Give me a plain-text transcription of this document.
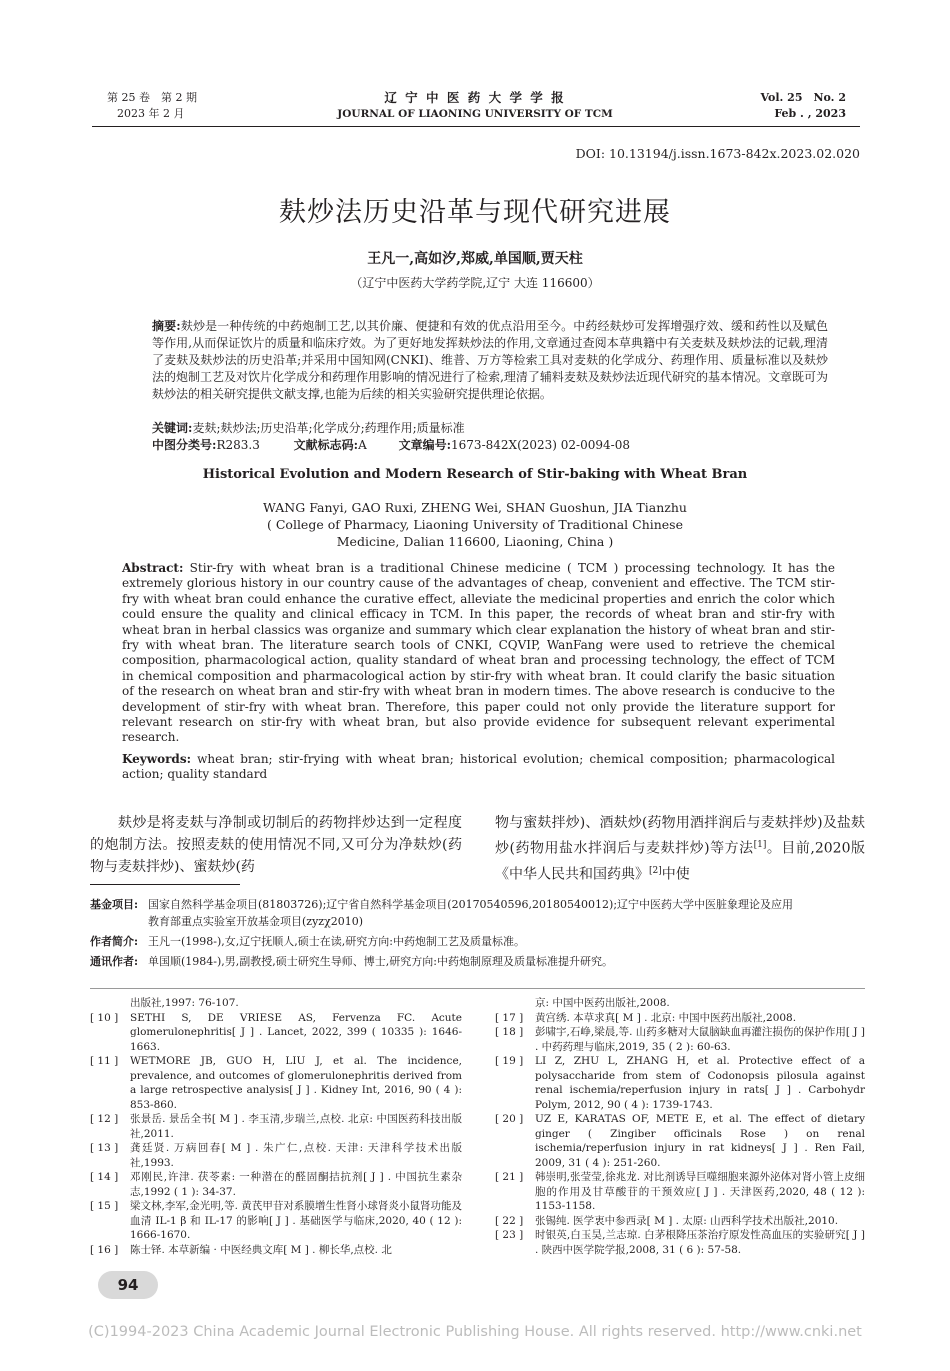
第 25 卷　第 2 期
2023 年 2 月
辽 宁 中 医 药 大 学 学 报
JOURNAL OF LIAONING UNIVERSITY OF TCM
Vol. 25　No. 2
Feb . , 2023
DOI: 10.13194/j.issn.1673-842x.2023.02.020
麸炒法历史沿革与现代研究进展
王凡一,高如汐,郑威,单国顺,贾天柱
（辽宁中医药大学药学院,辽宁 大连 116600）
摘要:麸炒是一种传统的中药炮制工艺,以其价廉、便捷和有效的优点沿用至今。中药经麸炒可发挥增强疗效、缓和药性以及赋色等作用,从而保证饮片的质量和临床疗效。为了更好地发挥麸炒法的作用,文章通过查阅本草典籍中有关麦麸及麸炒法的记载,理清了麦麸及麸炒法的历史沿革;并采用中国知网(CNKI)、维普、万方等检索工具对麦麸的化学成分、药理作用、质量标准以及麸炒法的炮制工艺及对饮片化学成分和药理作用影响的情况进行了检索,理清了辅料麦麸及麸炒法近现代研究的基本情况。文章既可为麸炒法的相关研究提供文献支撑,也能为后续的相关实验研究提供理论依据。
关键词:麦麸;麸炒法;历史沿革;化学成分;药理作用;质量标准
中图分类号:R283.3	文献标志码:A	文章编号:1673-842X(2023) 02-0094-08
Historical Evolution and Modern Research of Stir-baking with Wheat Bran
WANG Fanyi, GAO Ruxi, ZHENG Wei, SHAN Guoshun, JIA Tianzhu
( College of Pharmacy, Liaoning University of Traditional Chinese
Medicine, Dalian 116600, Liaoning, China )
Abstract: Stir-fry with wheat bran is a traditional Chinese medicine ( TCM ) processing technology. It has the extremely glorious history in our country cause of the advantages of cheap, convenient and effective. The TCM stir-fry with wheat bran could enhance the curative effect, alleviate the medicinal properties and enrich the color which could ensure the quality and clinical efficacy in TCM. In this paper, the records of wheat bran and stir-fry with wheat bran in herbal classics was organize and summary which clear explanation the history of wheat bran and stir-fry with wheat bran. The literature search tools of CNKI, CQVIP, WanFang were used to retrieve the chemical composition, pharmacological action, quality standard of wheat bran and processing technology, the effect of TCM in chemical composition and pharmacological action by stir-fry with wheat bran. It could clarify the basic situation of the research on wheat bran and stir-fry with wheat bran in modern times. The above research is conducive to the development of stir-fry with wheat bran. Therefore, this paper could not only provide the literature support for relevant research on stir-fry with wheat bran, but also provide evidence for subsequent relevant experimental research.
Keywords: wheat bran; stir-frying with wheat bran; historical evolution; chemical composition; pharmacological action; quality standard
麸炒是将麦麸与净制或切制后的药物拌炒达到一定程度的炮制方法。按照麦麸的使用情况不同,又可分为净麸炒(药物与麦麸拌炒)、蜜麸炒(药
物与蜜麸拌炒)、酒麸炒(药物用酒拌润后与麦麸拌炒)及盐麸炒(药物用盐水拌润后与麦麸拌炒)等方法[1]。目前,2020版《中华人民共和国药典》[2]中使
基金项目: 国家自然科学基金项目(81803726);辽宁省自然科学基金项目(20170540596,20180540012);辽宁中医药大学中医脏象理论及应用
教育部重点实验室开放基金项目(zyzχ2010)
作者简介: 王凡一(1998-),女,辽宁抚顺人,硕士在读,研究方向:中药炮制工艺及质量标准。
通讯作者: 单国顺(1984-),男,副教授,硕士研究生导师、博士,研究方向:中药炮制原理及质量标准提升研究。
出版社,1997: 76-107.
[ 10 ]	SETHI S, DE VRIESE AS, Fervenza FC. Acute glomerulonephritis[ J ] . Lancet, 2022, 399 ( 10335 ): 1646-1663.
[ 11 ]	WETMORE JB, GUO H, LIU J, et al. The incidence, prevalence, and outcomes of glomerulonephritis derived from a large retrospective analysis[ J ] . Kidney Int, 2016, 90 ( 4 ): 853-860.
[ 12 ]	张景岳. 景岳全书[ M ] . 李玉清,步瑞兰,点校. 北京: 中国医药科技出版社,2011.
[ 13 ]	龚廷贤. 万病回春[ M ] . 朱广仁,点校. 天津: 天津科学技术出版社,1993.
[ 14 ]	邓刚民,许津. 茯苓素: 一种潜在的醛固酮拮抗剂[ J ] . 中国抗生素杂志,1992 ( 1 ): 34-37.
[ 15 ]	梁文林,李军,金光明,等. 黄芪甲苷对系膜增生性肾小球肾炎小鼠肾功能及血清 IL-1 β 和 IL-17 的影响[ J ] . 基础医学与临床,2020, 40 ( 12 ): 1666-1670.
[ 16 ]	陈士铎. 本草新编 · 中医经典文库[ M ] . 柳长华,点校. 北
京: 中国中医药出版社,2008.
[ 17 ]	黄宫绣. 本草求真[ M ] . 北京: 中国中医药出版社,2008.
[ 18 ]	彭啸宇,石峥,梁晨,等. 山药多糖对大鼠脑缺血再灌注损伤的保护作用[ J ] . 中药药理与临床,2019, 35 ( 2 ): 60-63.
[ 19 ]	LI Z, ZHU L, ZHANG H, et al. Protective effect of a polysaccharide from stem of Codonopsis pilosula against renal ischemia/reperfusion injury in rats[ J ] . Carbohydr Polym, 2012, 90 ( 4 ): 1739-1743.
[ 20 ]	UZ E, KARATAS OF, METE E, et al. The effect of dietary ginger ( Zingiber officinals Rose ) on renal ischemia/reperfusion injury in rat kidneys[ J ] . Ren Fail, 2009, 31 ( 4 ): 251-260.
[ 21 ]	韩崇明,张莹莹,徐兆龙. 对比剂诱导巨噬细胞来源外泌体对肾小管上皮细胞的作用及甘草酸苷的干预效应[ J ] . 天津医药,2020, 48 ( 12 ): 1153-1158.
[ 22 ]	张锡纯. 医学衷中参西录[ M ] . 太原: 山西科学技术出版社,2010.
[ 23 ]	时银英,白玉昊,兰志琼. 白茅根降压茶治疗原发性高血压的实验研究[ J ] . 陕西中医学院学报,2008, 31 ( 6 ): 57-58.
94
(C)1994-2023 China Academic Journal Electronic Publishing House. All rights reserved. http://www.cnki.net
